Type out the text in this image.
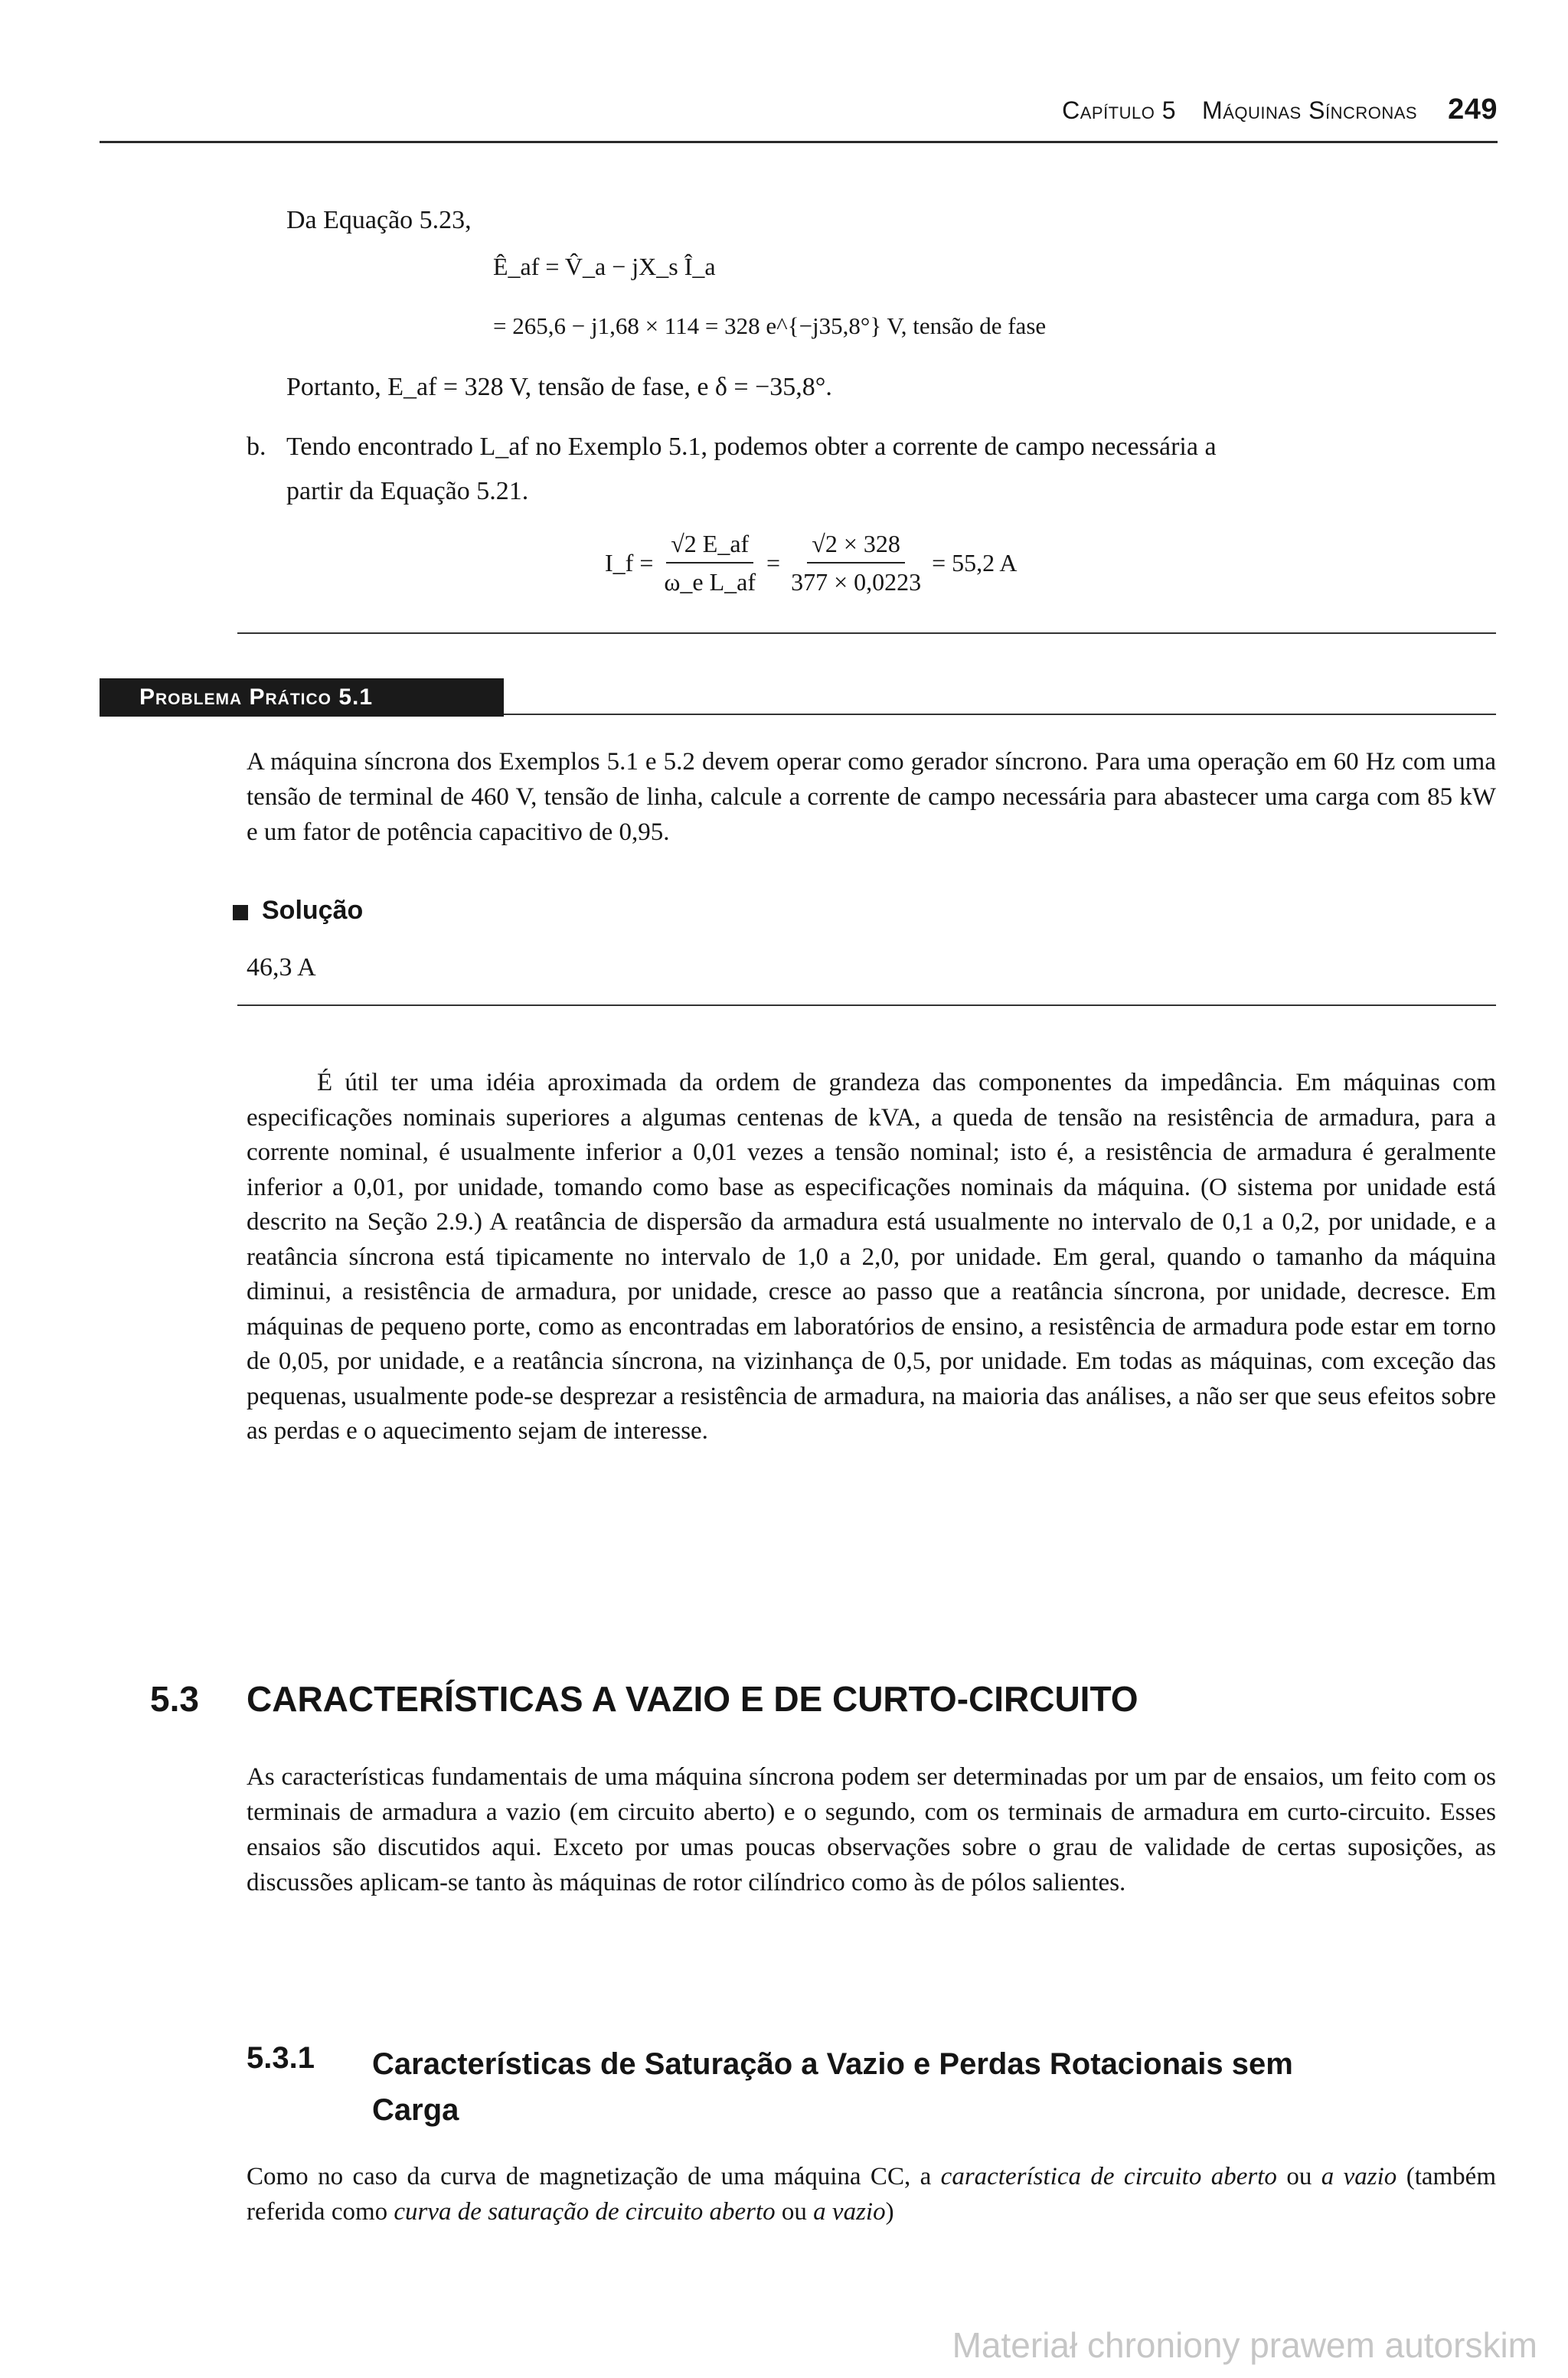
Capítulo 5 Máquinas Síncronas 249
Da Equação 5.23,
Ê_af = V̂_a − jX_s Î_a
= 265,6 − j1,68 × 114 = 328 e^{−j35,8°} V, tensão de fase
Portanto, E_af = 328 V, tensão de fase, e δ = −35,8°.
b. Tendo encontrado L_af no Exemplo 5.1, podemos obter a corrente de campo necessária a
partir da Equação 5.21.
I_f = $\frac{√2 E\_af}{\text{ω\_e L\_af}} = \frac{√2 \times 328}{377 \times 0,0223} = 55,2$ A
Problema Prático 5.1
A máquina síncrona dos Exemplos 5.1 e 5.2 devem operar como gerador síncrono. Para uma operação em 60 Hz com uma tensão de terminal de 460 V, tensão de linha, calcule a corrente de campo necessária para abastecer uma carga com 85 kW e um fator de potência capacitivo de 0,95.
Solução
46,3 A
É útil ter uma idéia aproximada da ordem de grandeza das componentes da impedância. Em máquinas com especificações nominais superiores a algumas centenas de kVA, a queda de tensão na resistência de armadura, para a corrente nominal, é usualmente inferior a 0,01 vezes a tensão nominal; isto é, a resistência de armadura é geralmente inferior a 0,01, por unidade, tomando como base as especificações nominais da máquina. (O sistema por unidade está descrito na Seção 2.9.) A reatância de dispersão da armadura está usualmente no intervalo de 0,1 a 0,2, por unidade, e a reatância síncrona está tipicamente no intervalo de 1,0 a 2,0, por unidade. Em geral, quando o tamanho da máquina diminui, a resistência de armadura, por unidade, cresce ao passo que a reatância síncrona, por unidade, decresce. Em máquinas de pequeno porte, como as encontradas em laboratórios de ensino, a resistência de armadura pode estar em torno de 0,05, por unidade, e a reatância síncrona, na vizinhança de 0,5, por unidade. Em todas as máquinas, com exceção das pequenas, usualmente pode-se desprezar a resistência de armadura, na maioria das análises, a não ser que seus efeitos sobre as perdas e o aquecimento sejam de interesse.
5.3 CARACTERÍSTICAS A VAZIO E DE CURTO-CIRCUITO
As características fundamentais de uma máquina síncrona podem ser determinadas por um par de ensaios, um feito com os terminais de armadura a vazio (em circuito aberto) e o segundo, com os terminais de armadura em curto-circuito. Esses ensaios são discutidos aqui. Exceto por umas poucas observações sobre o grau de validade de certas suposições, as discussões aplicam-se tanto às máquinas de rotor cilíndrico como às de pólos salientes.
5.3.1 Características de Saturação a Vazio e Perdas Rotacionais sem
Carga
Como no caso da curva de magnetização de uma máquina CC, a característica de circuito aberto ou a vazio (também referida como curva de saturação de circuito aberto ou a vazio)
Materiał chroniony prawem autorskim
